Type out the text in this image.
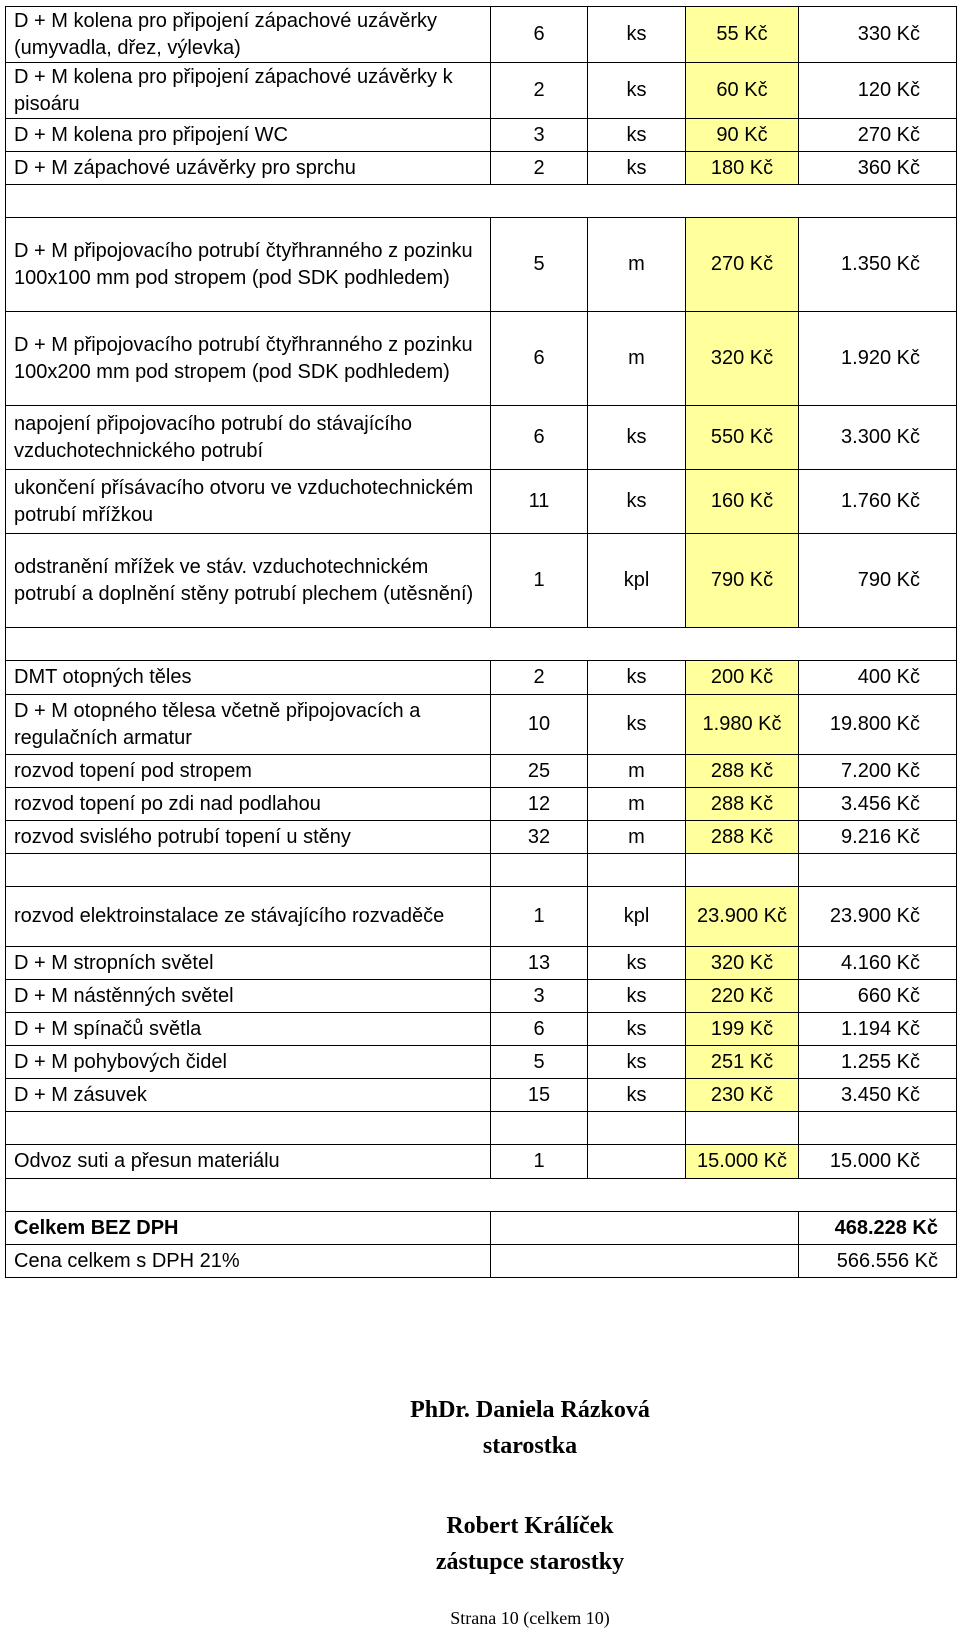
D + M kolena pro připojení zápachové uzávěrky (umyvadla, dřez, výlevka)	6	ks	55 Kč	330 Kč
D + M kolena pro připojení zápachové uzávěrky k pisoáru	2	ks	60 Kč	120 Kč
D + M kolena pro připojení WC	3	ks	90 Kč	270 Kč
D + M zápachové uzávěrky pro sprchu	2	ks	180 Kč	360 Kč

D + M připojovacího potrubí čtyřhranného z pozinku 100x100 mm pod stropem (pod SDK podhledem)	5	m	270 Kč	1.350 Kč
D + M připojovacího potrubí čtyřhranného z pozinku 100x200 mm pod stropem (pod SDK podhledem)	6	m	320 Kč	1.920 Kč
napojení připojovacího potrubí do stávajícího vzduchotechnického potrubí	6	ks	550 Kč	3.300 Kč
ukončení přísávacího otvoru ve vzduchotechnickém potrubí mřížkou	11	ks	160 Kč	1.760 Kč
odstranění mřížek ve stáv. vzduchotechnickém potrubí a doplnění stěny potrubí plechem (utěsnění)	1	kpl	790 Kč	790 Kč

DMT otopných těles	2	ks	200 Kč	400 Kč
D + M otopného tělesa včetně připojovacích a regulačních armatur	10	ks	1.980 Kč	19.800 Kč
rozvod topení pod stropem	25	m	288 Kč	7.200 Kč
rozvod topení po zdi nad podlahou	12	m	288 Kč	3.456 Kč
rozvod svislého potrubí topení u stěny	32	m	288 Kč	9.216 Kč

rozvod elektroinstalace ze stávajícího rozvaděče	1	kpl	23.900 Kč	23.900 Kč
D + M stropních světel	13	ks	320 Kč	4.160 Kč
D + M nástěnných světel	3	ks	220 Kč	660 Kč
D + M spínačů světla	6	ks	199 Kč	1.194 Kč
D + M pohybových čidel	5	ks	251 Kč	1.255 Kč
D + M zásuvek	15	ks	230 Kč	3.450 Kč

Odvoz suti a přesun materiálu	1		15.000 Kč	15.000 Kč

Celkem BEZ DPH				468.228 Kč
Cena celkem s DPH 21%				566.556 Kč
PhDr. Daniela Rázková
starostka
Robert Králíček
zástupce starostky
Strana 10 (celkem 10)
